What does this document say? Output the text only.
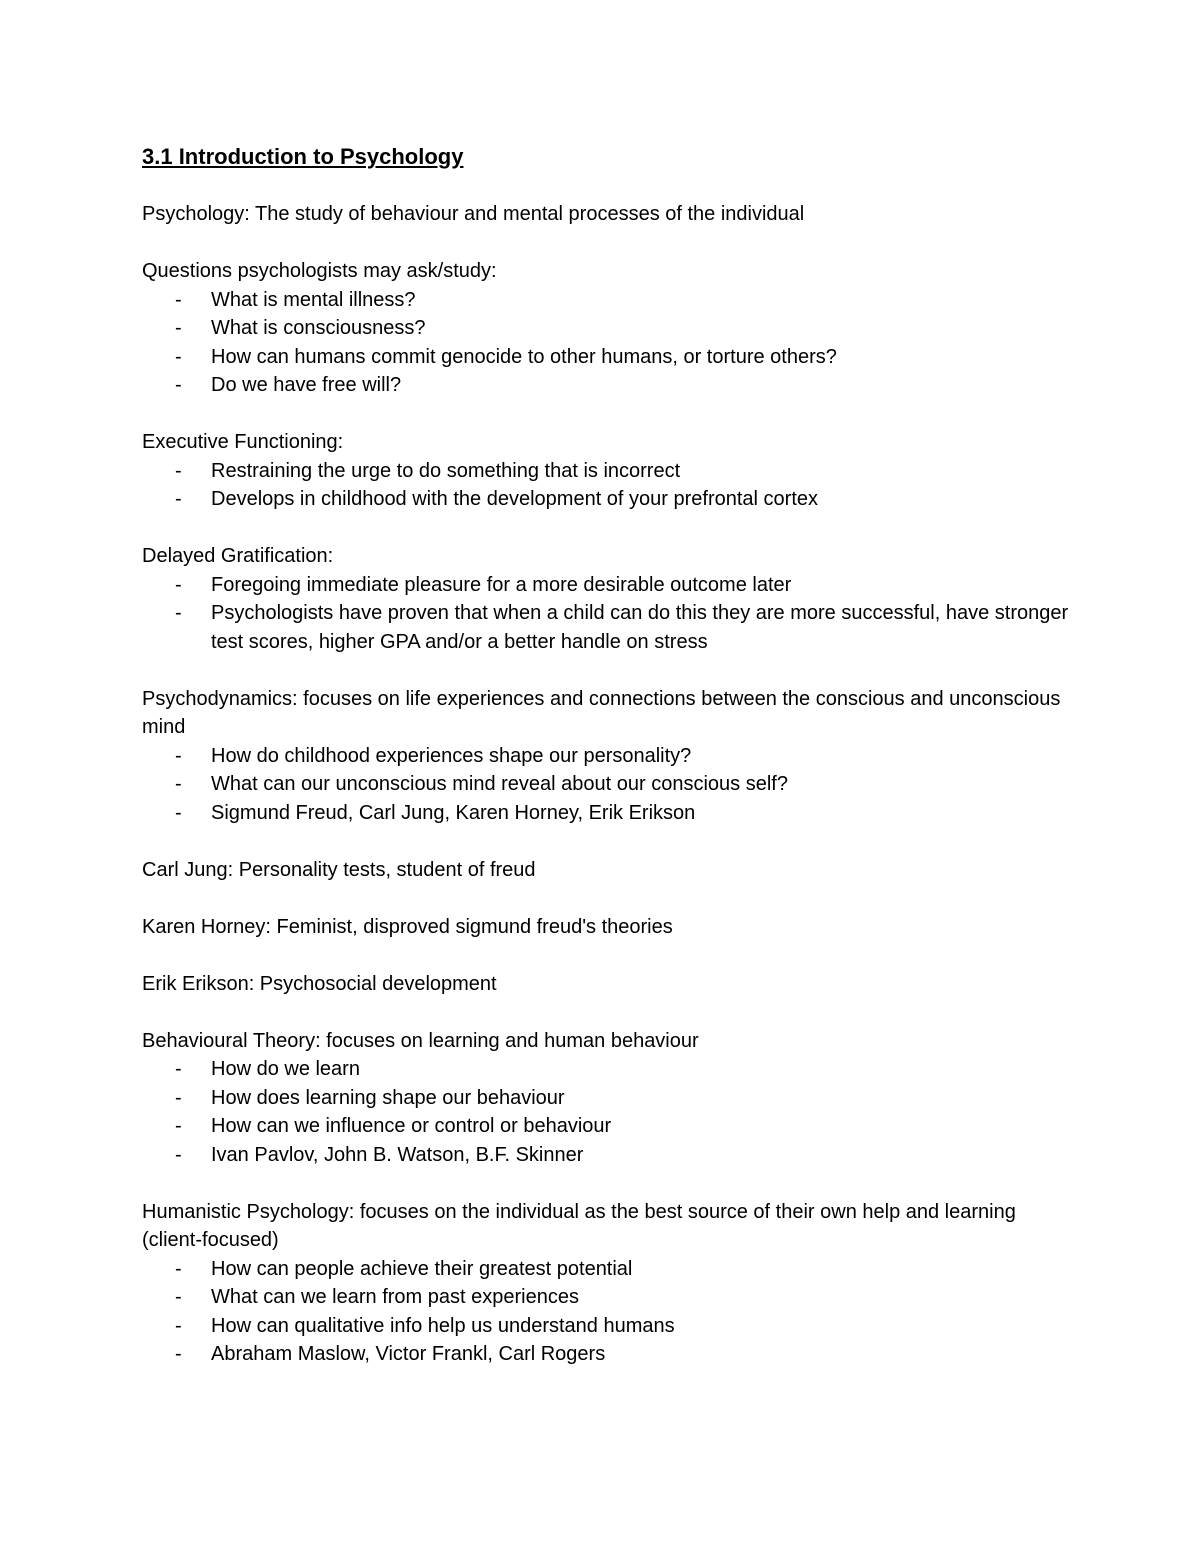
3.1 Introduction to Psychology

Psychology: The study of behaviour and mental processes of the individual

Questions psychologists may ask/study:

- What is mental illness?
- What is consciousness?
- How can humans commit genocide to other humans, or torture others?
- Do we have free will?

Executive Functioning:

- Restraining the urge to do something that is incorrect
- Develops in childhood with the development of your prefrontal cortex

Delayed Gratification:

- Foregoing immediate pleasure for a more desirable outcome later
- Psychologists have proven that when a child can do this they are more successful, have stronger test scores, higher GPA and/or a better handle on stress

Psychodynamics: focuses on life experiences and connections between the conscious and unconscious mind

- How do childhood experiences shape our personality?
- What can our unconscious mind reveal about our conscious self?
- Sigmund Freud, Carl Jung, Karen Horney, Erik Erikson

Carl Jung: Personality tests, student of freud

Karen Horney: Feminist, disproved sigmund freud's theories

Erik Erikson: Psychosocial development

Behavioural Theory: focuses on learning and human behaviour

- How do we learn
- How does learning shape our behaviour
- How can we influence or control or behaviour
- Ivan Pavlov, John B. Watson, B.F. Skinner

Humanistic Psychology: focuses on the individual as the best source of their own help and learning (client-focused)

- How can people achieve their greatest potential
- What can we learn from past experiences
- How can qualitative info help us understand humans
- Abraham Maslow, Victor Frankl, Carl Rogers
